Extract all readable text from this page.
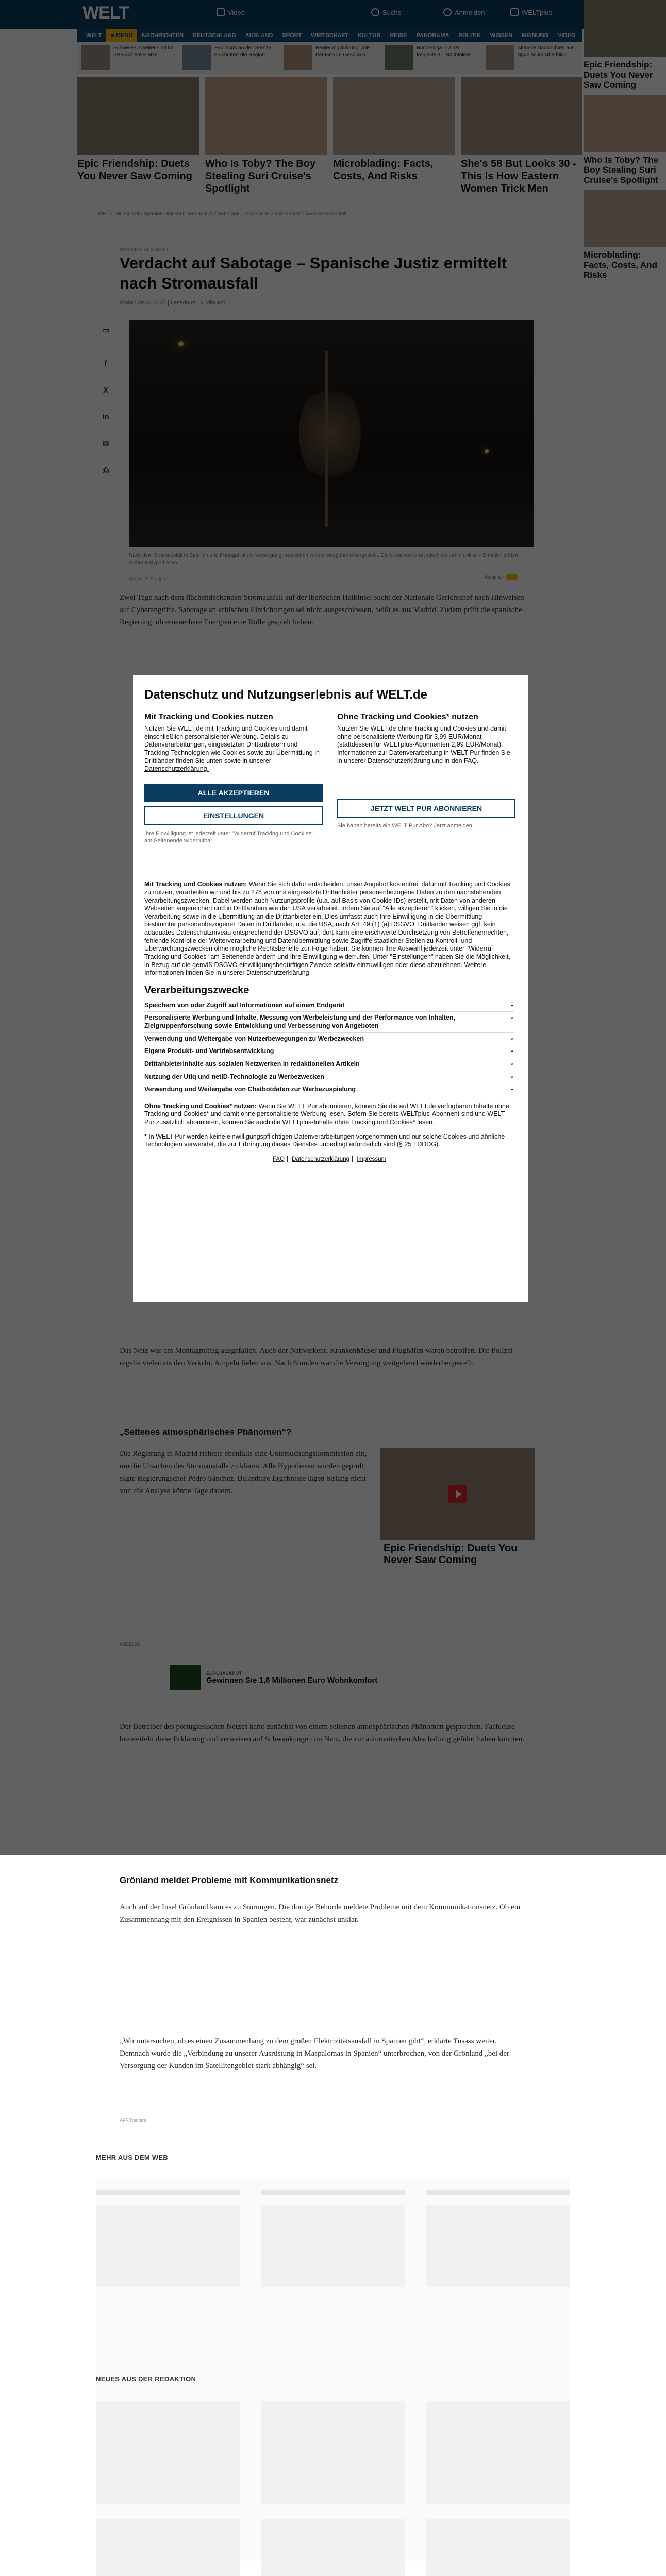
Grönland meldet Probleme mit Kommunikationsnetz

Auch auf der Insel Grönland kam es zu Störungen. Die dortige Behörde meldete Probleme mit dem Kommunikationsnetz. Ob ein Zusammenhang mit den Ereignissen in Spanien besteht, war zunächst unklar.

„Wir untersuchen, ob es einen Zusammenhang zu dem großen Elektrizitätsausfall in Spanien gibt“, erklärte Tusass weiter. Demnach wurde die „Verbindung zu unserer Ausrüstung in Maspalomas in Spanien“ unterbrochen, von der Grönland „bei der Versorgung der Kunden im Satellitengebiet stark abhängig“ sei.

AFP/Reuters
MEHR AUS DEM WEB
NEUES AUS DER REDAKTION
Datenschutz und Nutzungserlebnis auf WELT.de
Mit Tracking und Cookies nutzen

Nutzen Sie WELT.de mit Tracking und Cookies und damit einschließlich personalisierter Werbung. Details zu Datenverarbeitungen, eingesetzten Drittanbietern und Tracking-Technologien wie Cookies sowie zur Übermittlung in Drittländer finden Sie unten sowie in unserer Datenschutzerklärung.

ALLE AKZEPTIEREN
EINSTELLUNGEN
Ihre Einwilligung ist jederzeit unter "Widerruf Tracking und Cookies" am Seitenende widerrufbar.
Ohne Tracking und Cookies* nutzen

Nutzen Sie WELT.de ohne Tracking und Cookies und damit ohne personalisierte Werbung für 3,99 EUR/Monat (stattdessen für WELTplus-Abonnenten 2,99 EUR/Monat). Informationen zur Datenverarbeitung in WELT Pur finden Sie in unserer Datenschutzerklärung und in den FAQ.

JETZT WELT PUR ABONNIEREN
Sie haben bereits ein WELT Pur Abo? Jetzt anmelden
Mit Tracking und Cookies nutzen: Wenn Sie sich dafür entscheiden, unser Angebot kostenfrei, dafür mit Tracking und Cookies zu nutzen, verarbeiten wir und bis zu 278 von uns eingesetzte Drittanbieter personenbezogene Daten zu den nachstehenden Verarbeitungszwecken. Dabei werden auch Nutzungsprofile (u.a. auf Basis von Cookie-IDs) erstellt, mit Daten von anderen Webseiten angereichert und in Drittländern wie den USA verarbeitet. Indem Sie auf "Alle akzeptieren" klicken, willigen Sie in die Verarbeitung sowie in die Übermittlung an die Drittanbieter ein. Dies umfasst auch Ihre Einwilligung in die Übermittlung bestimmter personenbezogener Daten in Drittländer, u.a. die USA, nach Art. 49 (1) (a) DSGVO. Drittländer weisen ggf. kein adäquates Datenschutzniveau entsprechend der DSGVO auf; dort kann eine erschwerte Durchsetzung von Betroffenenrechten, fehlende Kontrolle der Weiterverarbeitung und Datenübermittlung sowie Zugriffe staatlicher Stellen zu Kontroll- und Überwachungszwecken ohne mögliche Rechtsbehelfe zur Folge haben. Sie können Ihre Auswahl jederzeit unter "Widerruf Tracking und Cookies" am Seitenende ändern und Ihre Einwilligung widerrufen. Unter "Einstellungen" haben Sie die Möglichkeit, in Bezug auf die gemäß DSGVO einwilligungsbedürftigen Zwecke selektiv einzuwilligen oder diese abzulehnen. Weitere Informationen finden Sie in unserer Datenschutzerklärung.
Verarbeitungszwecke
Speichern von oder Zugriff auf Informationen auf einem Endgerät	⌄
Personalisierte Werbung und Inhalte, Messung von Werbeleistung und der Performance von Inhalten, Zielgruppenforschung sowie Entwicklung und Verbesserung von Angeboten
⌄
Verwendung und Weitergabe von Nutzerbewegungen zu Werbezwecken	⌄
Eigene Produkt- und Vertriebsentwicklung	⌄
Drittanbieterinhalte aus sozialen Netzwerken in redaktionellen Artikeln	⌄
Nutzung der Utiq und netID-Technologie zu Werbezwecken	⌄
Verwendung und Weitergabe von Chatbotdaten zur Werbezuspielung	⌄
Ohne Tracking und Cookies* nutzen: Wenn Sie WELT Pur abonnieren, können Sie die auf WELT.de verfügbaren Inhalte ohne Tracking und Cookies* und damit ohne personalisierte Werbung lesen. Sofern Sie bereits WELTplus-Abonnent sind und WELT Pur zusätzlich abonnieren, können Sie auch die WELTplus-Inhalte ohne Tracking und Cookies* lesen.
* In WELT Pur werden keine einwilligungspflichtigen Datenverarbeitungen vorgenommen und nur solche Cookies und ähnliche Technologien verwendet, die zur Erbringung dieses Dienstes unbedingt erforderlich sind (§ 25 TDDDG).
FAQ | Datenschutzerklärung | Impressum
